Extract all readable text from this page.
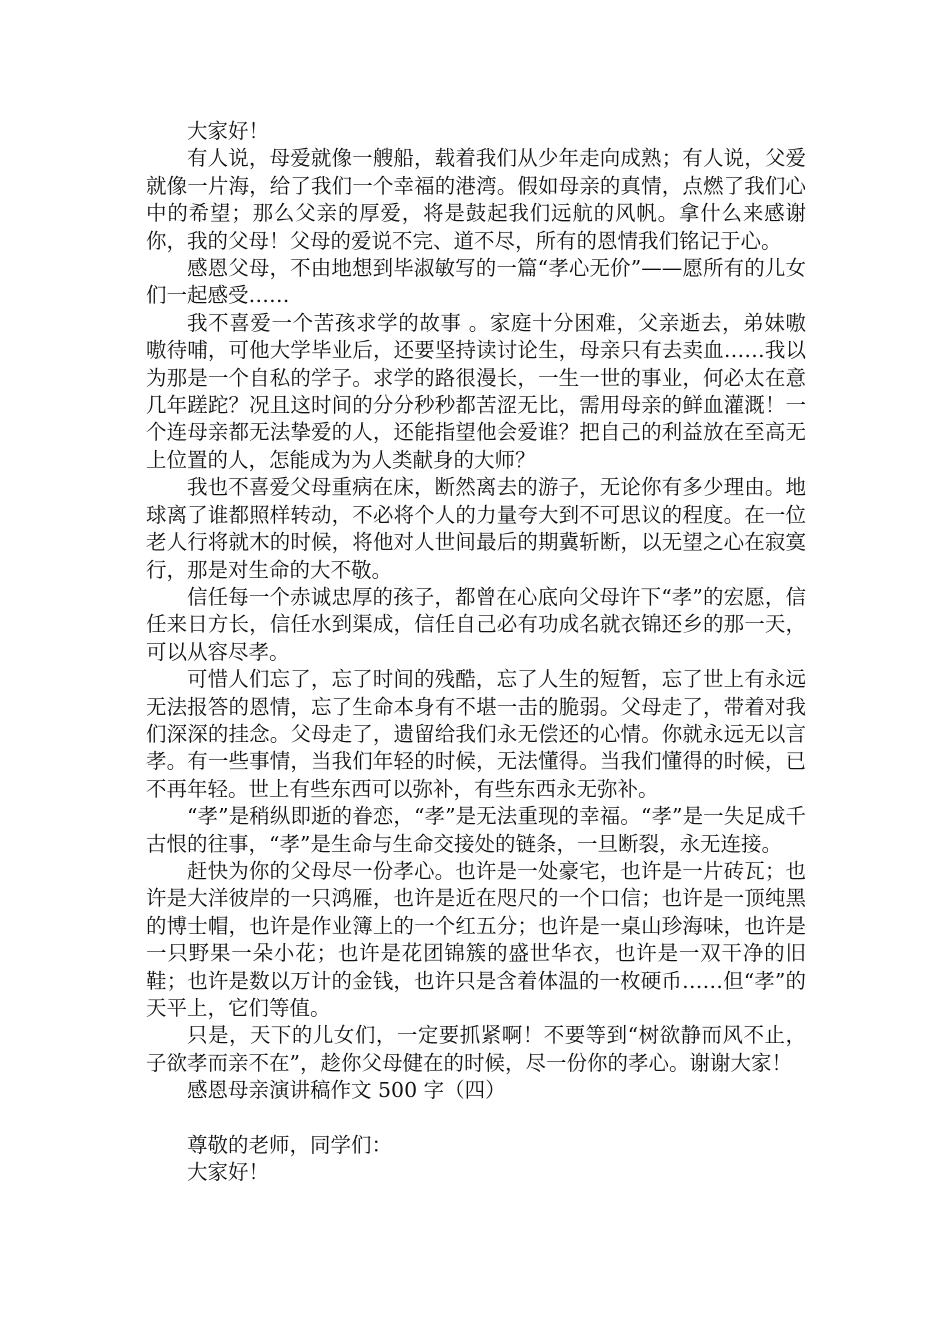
大家好！

有人说，母爱就像一艘船，载着我们从少年走向成熟；有人说，父爱就像一片海，给了我们一个幸福的港湾。假如母亲的真情，点燃了我们心中的希望；那么父亲的厚爱，将是鼓起我们远航的风帆。拿什么来感谢你，我的父母！父母的爱说不完、道不尽，所有的恩情我们铭记于心。

感恩父母，不由地想到毕淑敏写的一篇“孝心无价”——愿所有的儿女们一起感受……

我不喜爱一个苦孩求学的故事 。家庭十分困难，父亲逝去，弟妹嗷嗷待哺，可他大学毕业后，还要坚持读讨论生，母亲只有去卖血……我以为那是一个自私的学子。求学的路很漫长，一生一世的事业，何必太在意几年蹉跎？况且这时间的分分秒秒都苦涩无比，需用母亲的鲜血灌溉！一个连母亲都无法挚爱的人，还能指望他会爱谁？把自己的利益放在至高无上位置的人，怎能成为为人类献身的大师？

我也不喜爱父母重病在床，断然离去的游子，无论你有多少理由。地球离了谁都照样转动，不必将个人的力量夸大到不可思议的程度。在一位老人行将就木的时候，将他对人世间最后的期冀斩断，以无望之心在寂寞行，那是对生命的大不敬。

信任每一个赤诚忠厚的孩子，都曾在心底向父母许下“孝”的宏愿，信任来日方长，信任水到渠成，信任自己必有功成名就衣锦还乡的那一天，可以从容尽孝。

可惜人们忘了，忘了时间的残酷，忘了人生的短暂，忘了世上有永远无法报答的恩情，忘了生命本身有不堪一击的脆弱。父母走了，带着对我们深深的挂念。父母走了，遗留给我们永无偿还的心情。你就永远无以言孝。有一些事情，当我们年轻的时候，无法懂得。当我们懂得的时候，已不再年轻。世上有些东西可以弥补，有些东西永无弥补。

“孝”是稍纵即逝的眷恋，“孝”是无法重现的幸福。“孝”是一失足成千古恨的往事，“孝”是生命与生命交接处的链条，一旦断裂，永无连接。

赶快为你的父母尽一份孝心。也许是一处豪宅，也许是一片砖瓦；也许是大洋彼岸的一只鸿雁，也许是近在咫尺的一个口信；也许是一顶纯黑的博士帽，也许是作业簿上的一个红五分；也许是一桌山珍海味，也许是一只野果一朵小花；也许是花团锦簇的盛世华衣，也许是一双干净的旧鞋；也许是数以万计的金钱，也许只是含着体温的一枚硬币……但“孝”的天平上，它们等值。

只是，天下的儿女们，一定要抓紧啊！不要等到“树欲静而风不止，子欲孝而亲不在”，趁你父母健在的时候，尽一份你的孝心。谢谢大家！

感恩母亲演讲稿作文 500 字（四）

尊敬的老师，同学们：

大家好！
